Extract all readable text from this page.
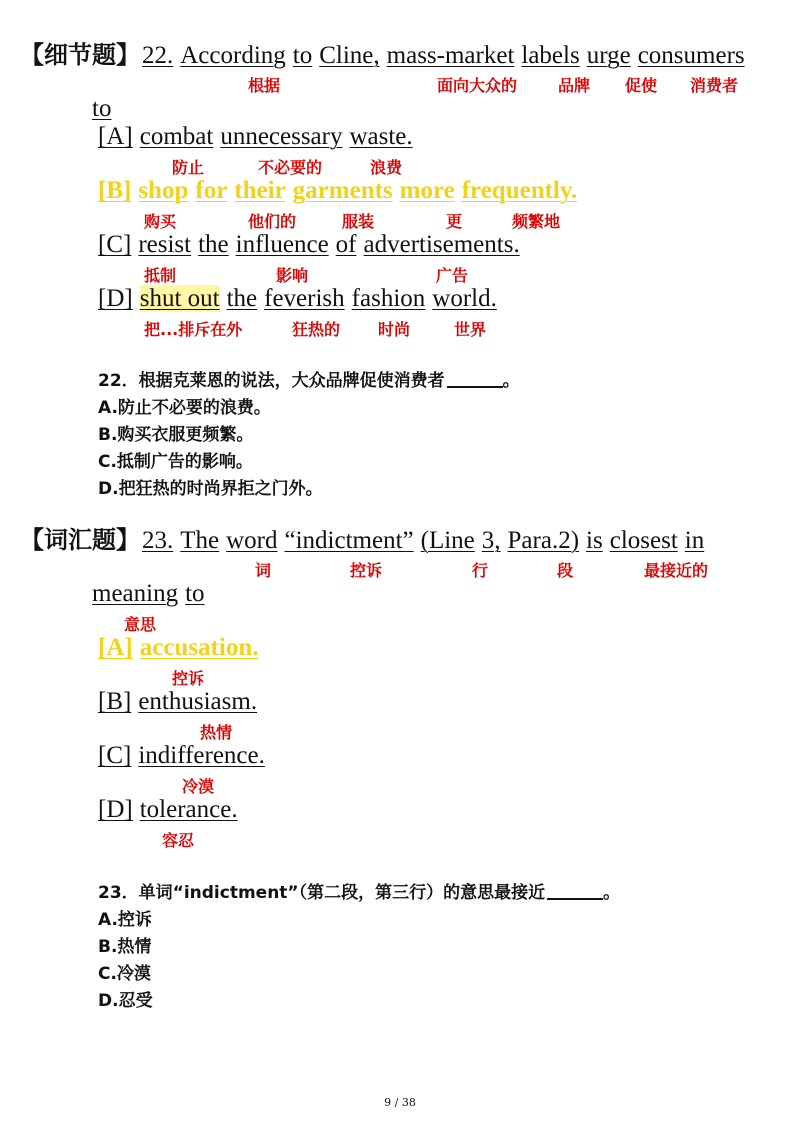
【细节题】22. According to Cline, mass-market labels urge consumers
根据	面向大众的	品牌 促使 消费者
to
[A] combat unnecessary waste.
防止	不必要的	浪费
[B] shop for their garments more frequently.
购买	他们的	服装	更	频繁地
[C] resist the influence of advertisements.
抵制	影响	广告
[D] shut out the feverish fashion world.
把...排斥在外	狂热的 时尚	世界
22．根据克莱恩的说法，大众品牌促使消费者	。
A.防止不必要的浪费。
B.购买衣服更频繁。
C.抵制广告的影响。
D.把狂热的时尚界拒之门外。
【词汇题】23. The word “indictment” (Line 3, Para.2) is closest in
词	控诉	行	段	最接近的
meaning to
意思
[A] accusation.
控诉
[B] enthusiasm.
热情
[C] indifference.
冷漠
[D] tolerance.
容忍
23．单词“indictment”（第二段，第三行）的意思最接近	。
A.控诉
B.热情
C.冷漠
D.忍受
9 / 38
